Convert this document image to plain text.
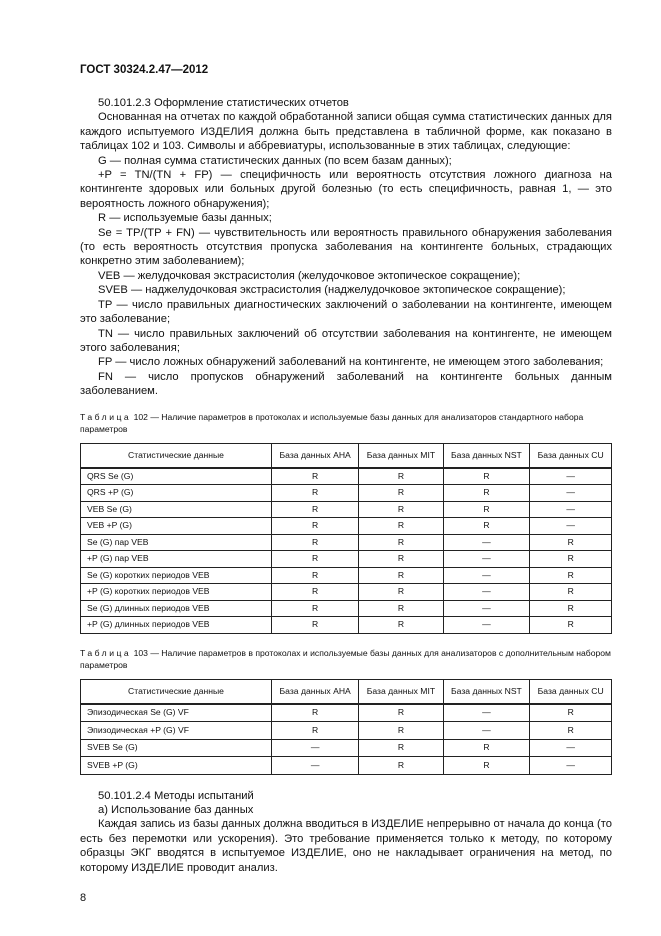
ГОСТ 30324.2.47—2012

50.101.2.3 Оформление статистических отчетов

Основанная на отчетах по каждой обработанной записи общая сумма статистических данных для каждого испытуемого ИЗДЕЛИЯ должна быть представлена в табличной форме, как показано в таблицах 102 и 103. Символы и аббревиатуры, использованные в этих таблицах, следующие:

G — полная сумма статистических данных (по всем базам данных);

+P = TN/(TN + FP) — специфичность или вероятность отсутствия ложного диагноза на контингенте здоровых или больных другой болезнью (то есть специфичность, равная 1, — это вероятность ложного обнаружения);

R — используемые базы данных;

Se = TP/(TP + FN) — чувствительность или вероятность правильного обнаружения заболевания (то есть вероятность отсутствия пропуска заболевания на контингенте больных, страдающих конкретно этим заболеванием);

VEB — желудочковая экстрасистолия (желудочковое эктопическое сокращение);

SVEB — наджелудочковая экстрасистолия (наджелудочковое эктопическое сокращение);

TP — число правильных диагностических заключений о заболевании на контингенте, имеющем это заболевание;

TN — число правильных заключений об отсутствии заболевания на контингенте, не имеющем этого заболевания;

FP — число ложных обнаружений заболеваний на контингенте, не имеющем этого заболевания;

FN — число пропусков обнаружений заболеваний на контингенте больных данным заболеванием.

Таблица 102 — Наличие параметров в протоколах и используемые базы данных для анализаторов стандартного набора параметров

Статистические данные	База данных AHA	База данных MIT	База данных NST	База данных CU
QRS Se (G)	R	R	R	—
QRS +P (G)	R	R	R	—
VEB Se (G)	R	R	R	—
VEB +P (G)	R	R	R	—
Se (G) пар VEB	R	R	—	R
+P (G) пар VEB	R	R	—	R
Se (G) коротких периодов VEB	R	R	—	R
+P (G) коротких периодов VEB	R	R	—	R
Se (G) длинных периодов VEB	R	R	—	R
+P (G) длинных периодов VEB	R	R	—	R

Таблица 103 — Наличие параметров в протоколах и используемые базы данных для анализаторов с дополнительным набором параметров

Статистические данные	База данных AHA	База данных MIT	База данных NST	База данных CU
Эпизодическая Se (G) VF	R	R	—	R
Эпизодическая +P (G) VF	R	R	—	R
SVEB Se (G)	—	R	R	—
SVEB +P (G)	—	R	R	—

50.101.2.4 Методы испытаний

а) Использование баз данных

Каждая запись из базы данных должна вводиться в ИЗДЕЛИЕ непрерывно от начала до конца (то есть без перемотки или ускорения). Это требование применяется только к методу, по которому образцы ЭКГ вводятся в испытуемое ИЗДЕЛИЕ, оно не накладывает ограничения на метод, по которому ИЗДЕЛИЕ проводит анализ.

8
